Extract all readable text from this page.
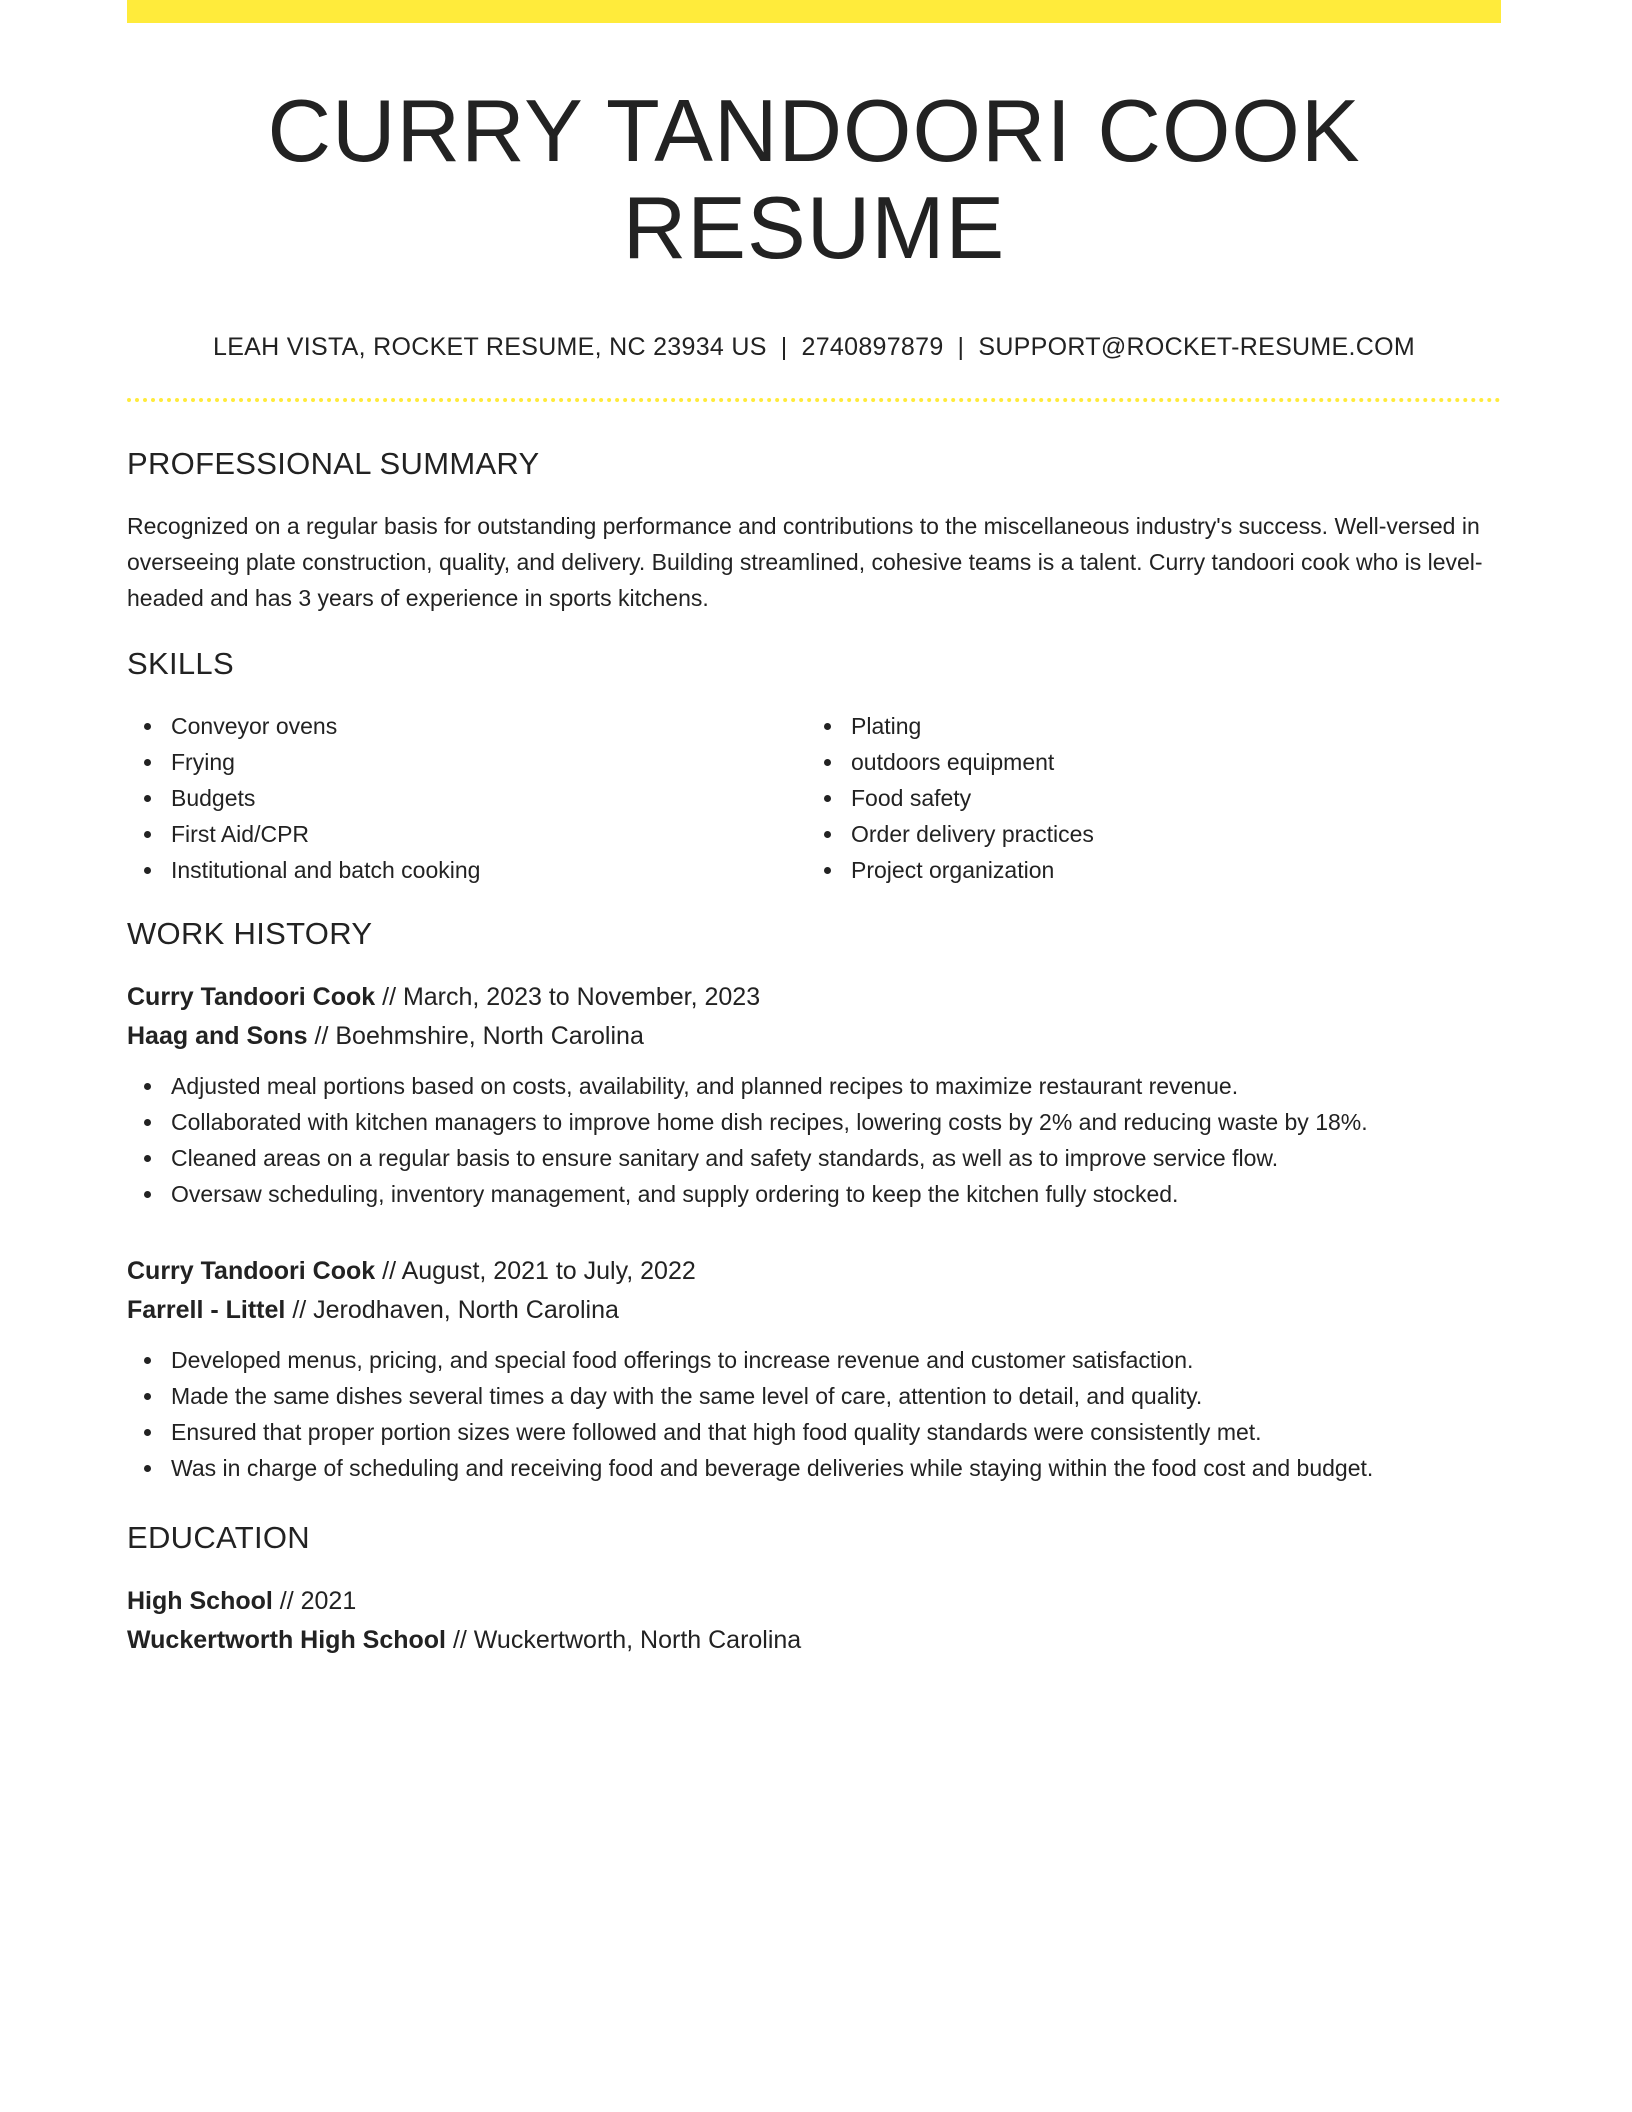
CURRY TANDOORI COOK RESUME
LEAH VISTA, ROCKET RESUME, NC 23934 US | 2740897879 | SUPPORT@ROCKET-RESUME.COM
PROFESSIONAL SUMMARY
Recognized on a regular basis for outstanding performance and contributions to the miscellaneous industry's success. Well-versed in overseeing plate construction, quality, and delivery. Building streamlined, cohesive teams is a talent. Curry tandoori cook who is level-headed and has 3 years of experience in sports kitchens.
SKILLS
Conveyor ovens
Frying
Budgets
First Aid/CPR
Institutional and batch cooking
Plating
outdoors equipment
Food safety
Order delivery practices
Project organization
WORK HISTORY
Curry Tandoori Cook // March, 2023 to November, 2023
Haag and Sons // Boehmshire, North Carolina
Adjusted meal portions based on costs, availability, and planned recipes to maximize restaurant revenue.
Collaborated with kitchen managers to improve home dish recipes, lowering costs by 2% and reducing waste by 18%.
Cleaned areas on a regular basis to ensure sanitary and safety standards, as well as to improve service flow.
Oversaw scheduling, inventory management, and supply ordering to keep the kitchen fully stocked.
Curry Tandoori Cook // August, 2021 to July, 2022
Farrell - Littel // Jerodhaven, North Carolina
Developed menus, pricing, and special food offerings to increase revenue and customer satisfaction.
Made the same dishes several times a day with the same level of care, attention to detail, and quality.
Ensured that proper portion sizes were followed and that high food quality standards were consistently met.
Was in charge of scheduling and receiving food and beverage deliveries while staying within the food cost and budget.
EDUCATION
High School // 2021
Wuckertworth High School // Wuckertworth, North Carolina
